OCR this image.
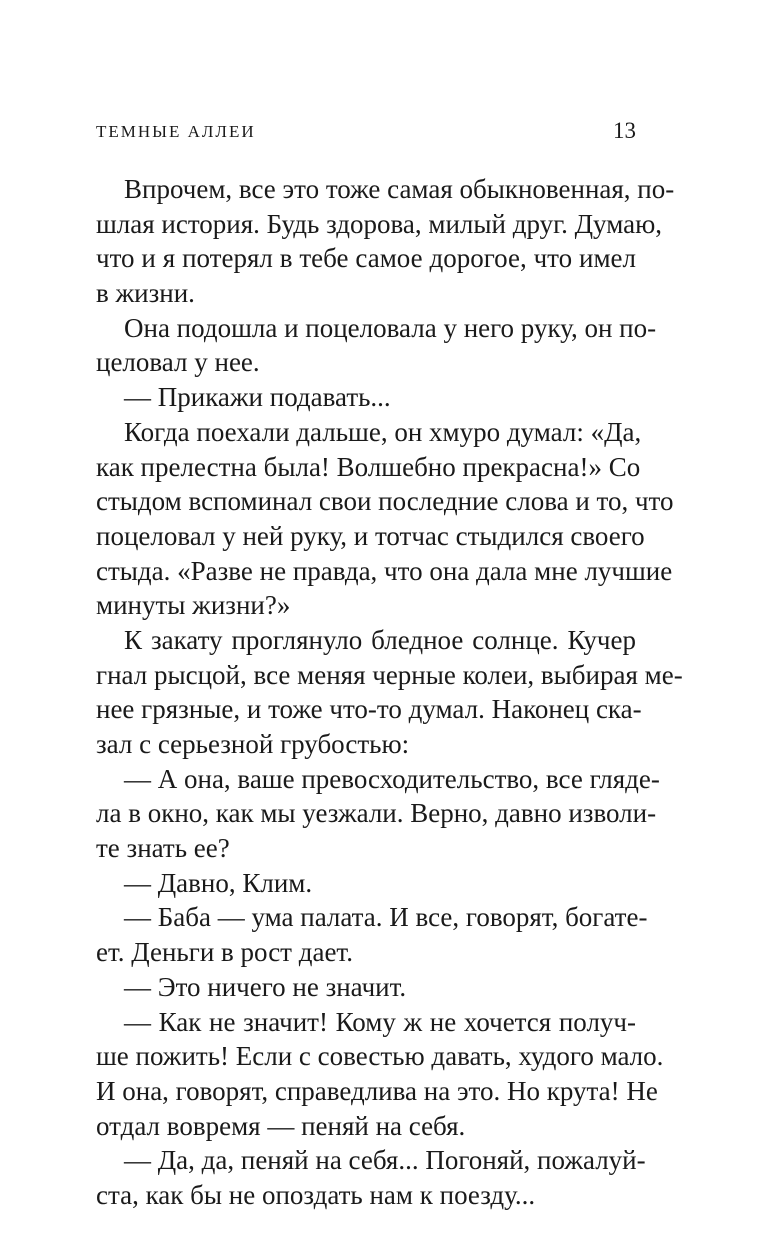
ТЕМНЫЕ АЛЛЕИ	13
Впрочем, все это тоже самая обыкновенная, по-
шлая история. Будь здорова, милый друг. Думаю,
что и я потерял в тебе самое дорогое, что имел
в жизни.
Она подошла и поцеловала у него руку, он по-
целовал у нее.
— Прикажи подавать...
Когда поехали дальше, он хмуро думал: «Да,
как прелестна была! Волшебно прекрасна!» Со
стыдом вспоминал свои последние слова и то, что
поцеловал у ней руку, и тотчас стыдился своего
стыда. «Разве не правда, что она дала мне лучшие
минуты жизни?»
К закату проглянуло бледное солнце. Кучер
гнал рысцой, все меняя черные колеи, выбирая ме-
нее грязные, и тоже что-то думал. Наконец ска-
зал с серьезной грубостью:
— А она, ваше превосходительство, все гляде-
ла в окно, как мы уезжали. Верно, давно изволи-
те знать ее?
— Давно, Клим.
— Баба — ума палата. И все, говорят, богате-
ет. Деньги в рост дает.
— Это ничего не значит.
— Как не значит! Кому ж не хочется получ-
ше пожить! Если с совестью давать, худого мало.
И она, говорят, справедлива на это. Но крута! Не
отдал вовремя — пеняй на себя.
— Да, да, пеняй на себя... Погоняй, пожалуй-
ста, как бы не опоздать нам к поезду...
